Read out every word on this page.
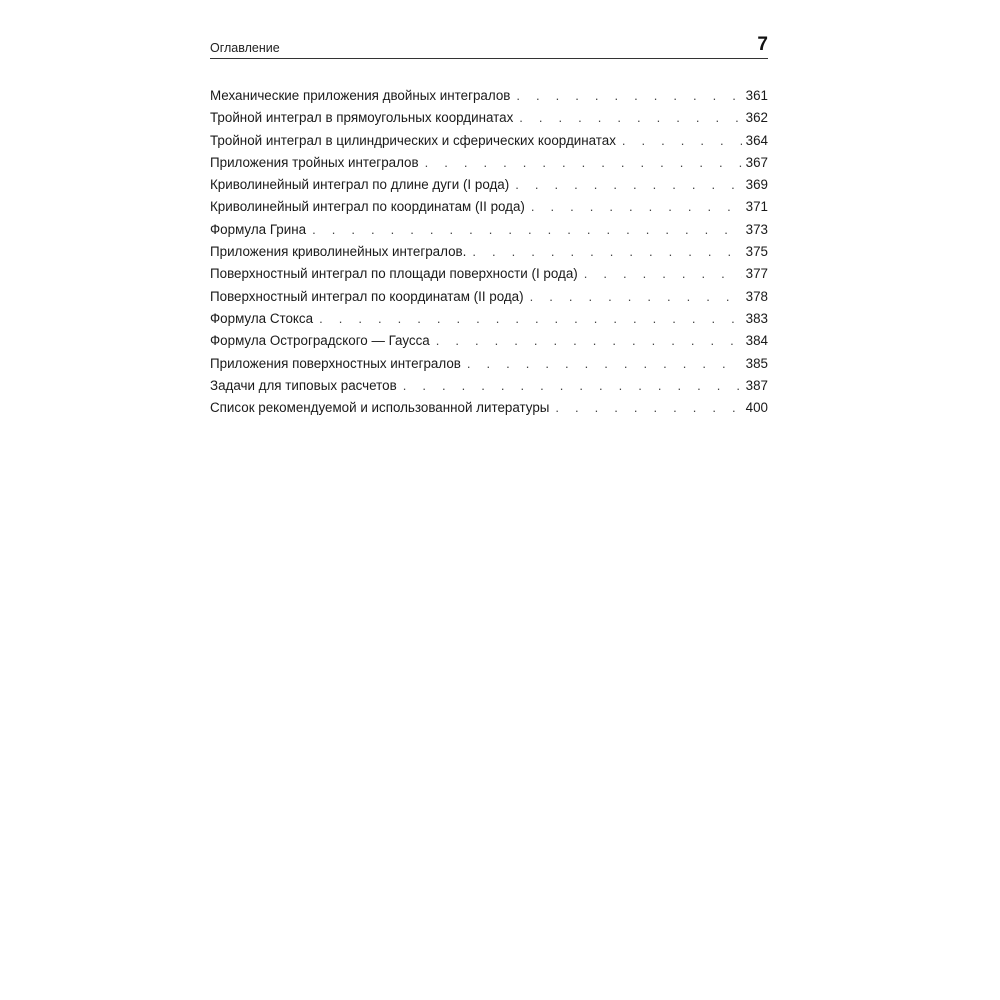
Оглавление	7
Механические приложения двойных интегралов . . .	361
Тройной интеграл в прямоугольных координатах . . .	362
Тройной интеграл в цилиндрических и сферических координатах . . .	364
Приложения тройных интегралов . . .	367
Криволинейный интеграл по длине дуги (I рода) . . .	369
Криволинейный интеграл по координатам (II рода) . . .	371
Формула Грина . . .	373
Приложения криволинейных интегралов. . . .	375
Поверхностный интеграл по площади поверхности (I рода) . . .	377
Поверхностный интеграл по координатам (II рода) . . .	378
Формула Стокса . . .	383
Формула Остроградского — Гаусса . . .	384
Приложения поверхностных интегралов . . .	385
Задачи для типовых расчетов . . .	387
Список рекомендуемой и использованной литературы . . .	400
